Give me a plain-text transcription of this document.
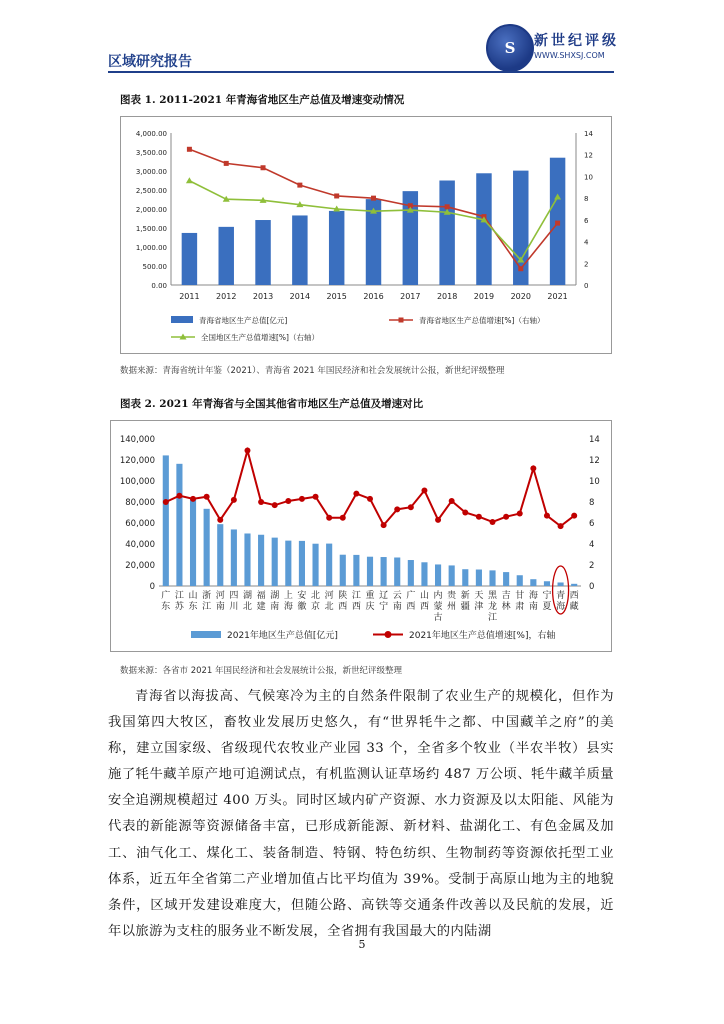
S	新世纪评级
WWW.SHXSJ.COM
区域研究报告
图表 1. 2011-2021 年青海省地区生产总值及增速变动情况
0.00
500.00
1,000.00
1,500.00
2,000.00
2,500.00
3,000.00
3,500.00
4,000.00
0
2
4
6
8
10
12
14
2011 2012 2013 2014 2015 2016 2017 2018 2019 2020 2021
青海省地区生产总值[亿元]	青海省地区生产总值增速[%]（右轴）
全国地区生产总值增速[%]（右轴）
数据来源：青海省统计年鉴（2021）、青海省 2021 年国民经济和社会发展统计公报，新世纪评级整理
图表 2. 2021 年青海省与全国其他省市地区生产总值及增速对比
0
20,000
40,000
60,000
80,000
100,000
120,000
140,000
0
2
4
6
8
10
12
14
广
东
江
苏
山
东
浙
江
河
南
四
川
湖
北
福
建
湖
南
上
海
安
徽
北
京
河
北
陕
西
江
西
重
庆
辽
宁
云
南
广
西
山
西
内
蒙
古
贵
州
新
疆
天
津
黑
龙
江
吉
林
甘
肃
海
南
宁
夏
青
海
西
藏
2021年地区生产总值[亿元]	2021年地区生产总值增速[%]，右轴
数据来源：各省市 2021 年国民经济和社会发展统计公报，新世纪评级整理
青海省以海拔高、气候寒冷为主的自然条件限制了农业生产的规模化，但作为我国第四大牧区，畜牧业发展历史悠久，有“世界牦牛之都、中国藏羊之府”的美称，建立国家级、省级现代农牧业产业园 33 个，全省多个牧业（半农半牧）县实施了牦牛藏羊原产地可追溯试点，有机监测认证草场约 487 万公顷、牦牛藏羊质量安全追溯规模超过 400 万头。同时区域内矿产资源、水力资源及以太阳能、风能为代表的新能源等资源储备丰富，已形成新能源、新材料、盐湖化工、有色金属及加工、油气化工、煤化工、装备制造、特钢、特色纺织、生物制药等资源依托型工业体系，近五年全省第二产业增加值占比平均值为 39%。受制于高原山地为主的地貌条件，区域开发建设难度大，但随公路、高铁等交通条件改善以及民航的发展，近年以旅游为支柱的服务业不断发展，全省拥有我国最大的内陆湖
5
